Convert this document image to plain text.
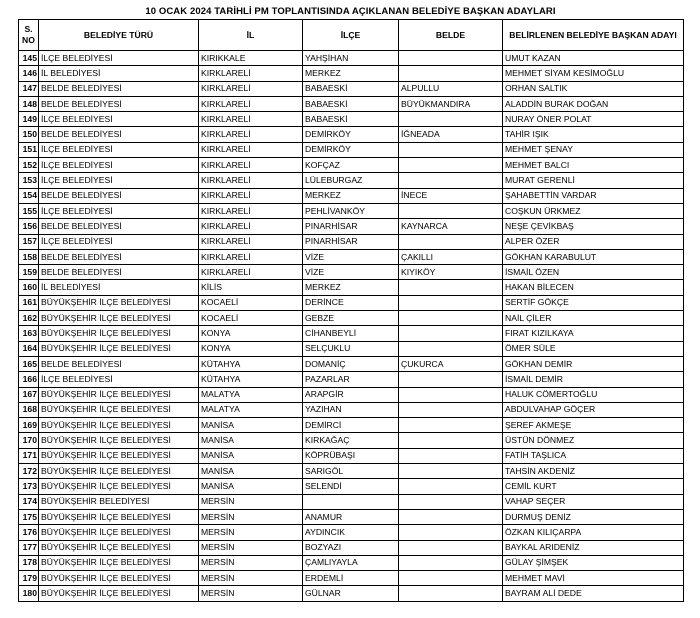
10 OCAK 2024 TARİHLİ PM TOPLANTISINDA AÇIKLANAN BELEDİYE BAŞKAN ADAYLARI
S. NO	BELEDİYE TÜRÜ	İL	İLÇE	BELDE	BELİRLENEN BELEDİYE BAŞKAN ADAYI
145	İLÇE BELEDİYESİ	KIRIKKALE	YAHŞİHAN		UMUT KAZAN
146	İL BELEDİYESİ	KIRKLARELİ	MERKEZ		MEHMET SİYAM KESİMOĞLU
147	BELDE BELEDİYESİ	KIRKLARELİ	BABAESKİ	ALPULLU	ORHAN SALTIK
148	BELDE BELEDİYESİ	KIRKLARELİ	BABAESKİ	BÜYÜKMANDIRA	ALADDİN BURAK DOĞAN
149	İLÇE BELEDİYESİ	KIRKLARELİ	BABAESKİ		NURAY ÖNER POLAT
150	BELDE BELEDİYESİ	KIRKLARELİ	DEMİRKÖY	İĞNEADA	TAHİR IŞIK
151	İLÇE BELEDİYESİ	KIRKLARELİ	DEMİRKÖY		MEHMET ŞENAY
152	İLÇE BELEDİYESİ	KIRKLARELİ	KOFÇAZ		MEHMET BALCI
153	İLÇE BELEDİYESİ	KIRKLARELİ	LÜLEBURGAZ		MURAT GERENLİ
154	BELDE BELEDİYESİ	KIRKLARELİ	MERKEZ	İNECE	ŞAHABETTİN VARDAR
155	İLÇE BELEDİYESİ	KIRKLARELİ	PEHLİVANKÖY		COŞKUN ÜRKMEZ
156	BELDE BELEDİYESİ	KIRKLARELİ	PINARHİSAR	KAYNARCA	NEŞE ÇEVİKBAŞ
157	İLÇE BELEDİYESİ	KIRKLARELİ	PINARHİSAR		ALPER ÖZER
158	BELDE BELEDİYESİ	KIRKLARELİ	VİZE	ÇAKILLI	GÖKHAN KARABULUT
159	BELDE BELEDİYESİ	KIRKLARELİ	VİZE	KIYIKÖY	İSMAİL ÖZEN
160	İL BELEDİYESİ	KİLİS	MERKEZ		HAKAN BİLECEN
161	BÜYÜKŞEHİR İLÇE BELEDİYESİ	KOCAELİ	DERİNCE		SERTİF GÖKÇE
162	BÜYÜKŞEHİR İLÇE BELEDİYESİ	KOCAELİ	GEBZE		NAİL ÇİLER
163	BÜYÜKŞEHİR İLÇE BELEDİYESİ	KONYA	CİHANBEYLİ		FIRAT KIZILKAYA
164	BÜYÜKŞEHİR İLÇE BELEDİYESİ	KONYA	SELÇUKLU		ÖMER SÜLE
165	BELDE BELEDİYESİ	KÜTAHYA	DOMANİÇ	ÇUKURCA	GÖKHAN DEMİR
166	İLÇE BELEDİYESİ	KÜTAHYA	PAZARLAR		İSMAİL DEMİR
167	BÜYÜKŞEHİR İLÇE BELEDİYESİ	MALATYA	ARAPGİR		HALUK CÖMERTOĞLU
168	BÜYÜKŞEHİR İLÇE BELEDİYESİ	MALATYA	YAZIHAN		ABDULVAHAP GÖÇER
169	BÜYÜKŞEHİR İLÇE BELEDİYESİ	MANİSA	DEMİRCİ		ŞEREF AKMEŞE
170	BÜYÜKŞEHİR İLÇE BELEDİYESİ	MANİSA	KIRKAĞAÇ		ÜSTÜN DÖNMEZ
171	BÜYÜKŞEHİR İLÇE BELEDİYESİ	MANİSA	KÖPRÜBAŞI		FATİH TAŞLICA
172	BÜYÜKŞEHİR İLÇE BELEDİYESİ	MANİSA	SARIGÖL		TAHSİN AKDENİZ
173	BÜYÜKŞEHİR İLÇE BELEDİYESİ	MANİSA	SELENDİ		CEMİL KURT
174	BÜYÜKŞEHİR BELEDİYESİ	MERSİN			VAHAP SEÇER
175	BÜYÜKŞEHİR İLÇE BELEDİYESİ	MERSİN	ANAMUR		DURMUŞ DENİZ
176	BÜYÜKŞEHİR İLÇE BELEDİYESİ	MERSİN	AYDINCIK		ÖZKAN KILIÇARPA
177	BÜYÜKŞEHİR İLÇE BELEDİYESİ	MERSİN	BOZYAZI		BAYKAL ARIDENİZ
178	BÜYÜKŞEHİR İLÇE BELEDİYESİ	MERSİN	ÇAMLIYAYLA		GÜLAY ŞİMŞEK
179	BÜYÜKŞEHİR İLÇE BELEDİYESİ	MERSİN	ERDEMLİ		MEHMET MAVİ
180	BÜYÜKŞEHİR İLÇE BELEDİYESİ	MERSİN	GÜLNAR		BAYRAM ALİ DEDE
